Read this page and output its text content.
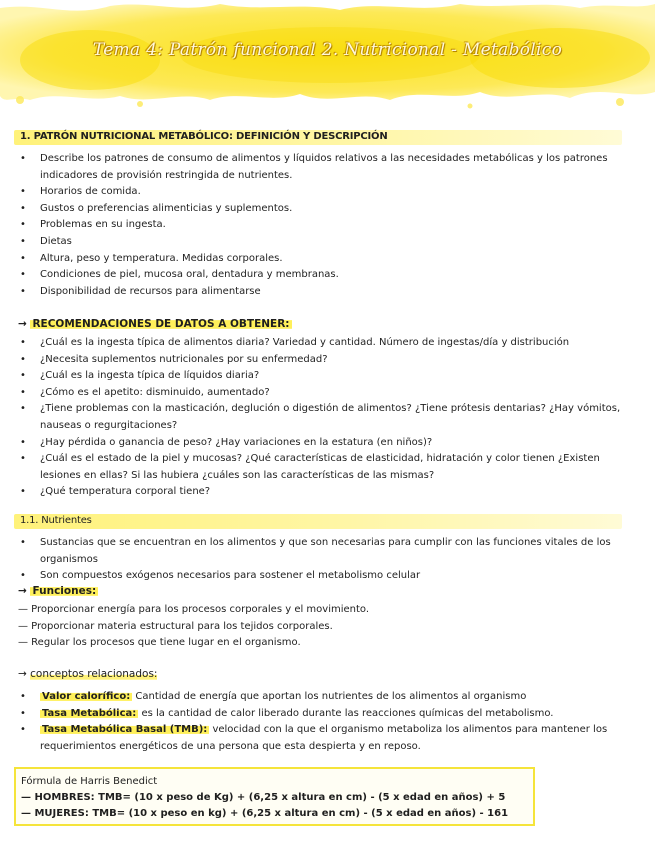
Tema 4: Patrón funcional 2. Nutricional - Metabólico
1. PATRÓN NUTRICIONAL METABÓLICO: DEFINICIÓN Y DESCRIPCIÓN
• Describe los patrones de consumo de alimentos y líquidos relativos a las necesidades metabólicas y los patrones indicadores de provisión restringida de nutrientes.
• Horarios de comida.
• Gustos o preferencias alimenticias y suplementos.
• Problemas en su ingesta.
• Dietas
• Altura, peso y temperatura. Medidas corporales.
• Condiciones de piel, mucosa oral, dentadura y membranas.
• Disponibilidad de recursos para alimentarse
→ RECOMENDACIONES DE DATOS A OBTENER:
• ¿Cuál es la ingesta típica de alimentos diaria? Variedad y cantidad. Número de ingestas/día y distribución
• ¿Necesita suplementos nutricionales por su enfermedad?
• ¿Cuál es la ingesta típica de líquidos diaria?
• ¿Cómo es el apetito: disminuido, aumentado?
• ¿Tiene problemas con la masticación, deglución o digestión de alimentos? ¿Tiene prótesis dentarias? ¿Hay vómitos, nauseas o regurgitaciones?
• ¿Hay pérdida o ganancia de peso? ¿Hay variaciones en la estatura (en niños)?
• ¿Cuál es el estado de la piel y mucosas? ¿Qué características de elasticidad, hidratación y color tienen ¿Existen lesiones en ellas? Si las hubiera ¿cuáles son las características de las mismas?
• ¿Qué temperatura corporal tiene?
1.1. Nutrientes
• Sustancias que se encuentran en los alimentos y que son necesarias para cumplir con las funciones vitales de los organismos
• Son compuestos exógenos necesarios para sostener el metabolismo celular
→ Funciones:
— Proporcionar energía para los procesos corporales y el movimiento.
— Proporcionar materia estructural para los tejidos corporales.
— Regular los procesos que tiene lugar en el organismo.
→ conceptos relacionados:
• Valor calorífico: Cantidad de energía que aportan los nutrientes de los alimentos al organismo
• Tasa Metabólica: es la cantidad de calor liberado durante las reacciones químicas del metabolismo.
• Tasa Metabólica Basal (TMB): velocidad con la que el organismo metaboliza los alimentos para mantener los requerimientos energéticos de una persona que esta despierta y en reposo.
Fórmula de Harris Benedict
— HOMBRES: TMB= (10 x peso de Kg) + (6,25 x altura en cm) - (5 x edad en años) + 5
— MUJERES: TMB= (10 x peso en kg) + (6,25 x altura en cm) - (5 x edad en años) - 161
